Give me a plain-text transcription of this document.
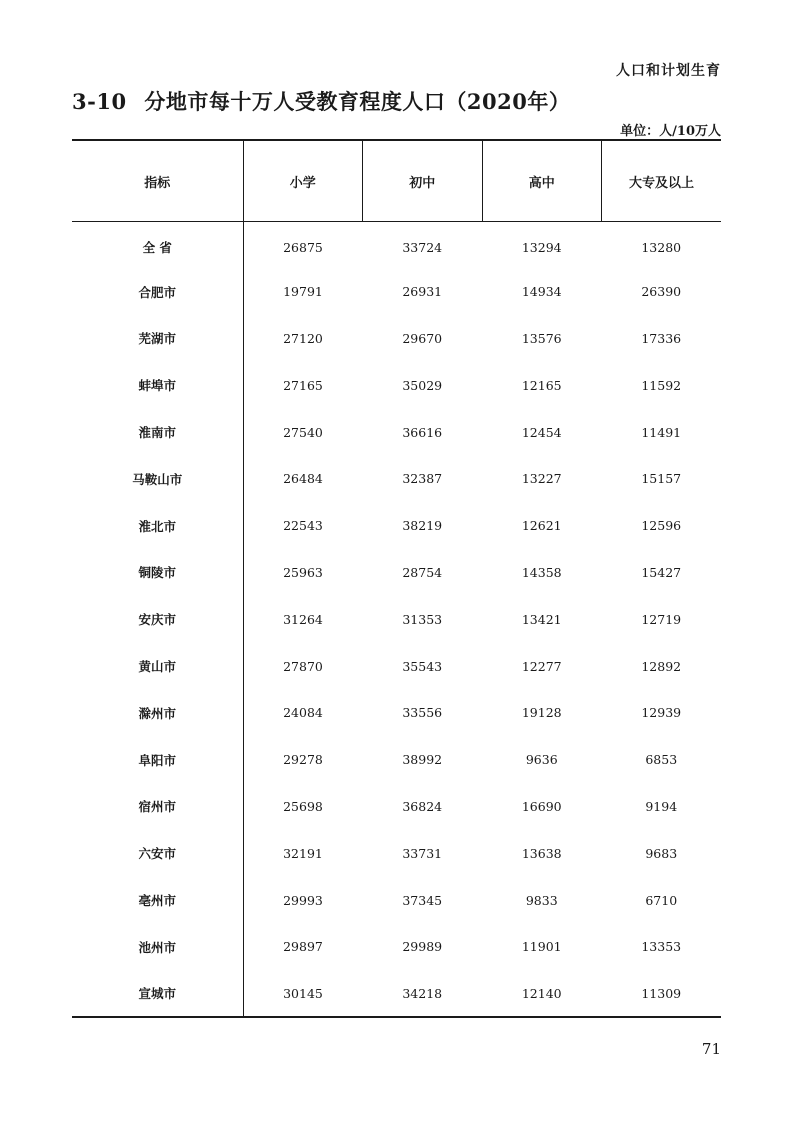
人口和计划生育
3-10 分地市每十万人受教育程度人口（2020年）
单位：人/10万人
指标	小学	初中	高中	大专及以上
全 省	26875	33724	13294	13280
合肥市	19791	26931	14934	26390
芜湖市	27120	29670	13576	17336
蚌埠市	27165	35029	12165	11592
淮南市	27540	36616	12454	11491
马鞍山市	26484	32387	13227	15157
淮北市	22543	38219	12621	12596
铜陵市	25963	28754	14358	15427
安庆市	31264	31353	13421	12719
黄山市	27870	35543	12277	12892
滁州市	24084	33556	19128	12939
阜阳市	29278	38992	9636	6853
宿州市	25698	36824	16690	9194
六安市	32191	33731	13638	9683
亳州市	29993	37345	9833	6710
池州市	29897	29989	11901	13353
宣城市	30145	34218	12140	11309
71
